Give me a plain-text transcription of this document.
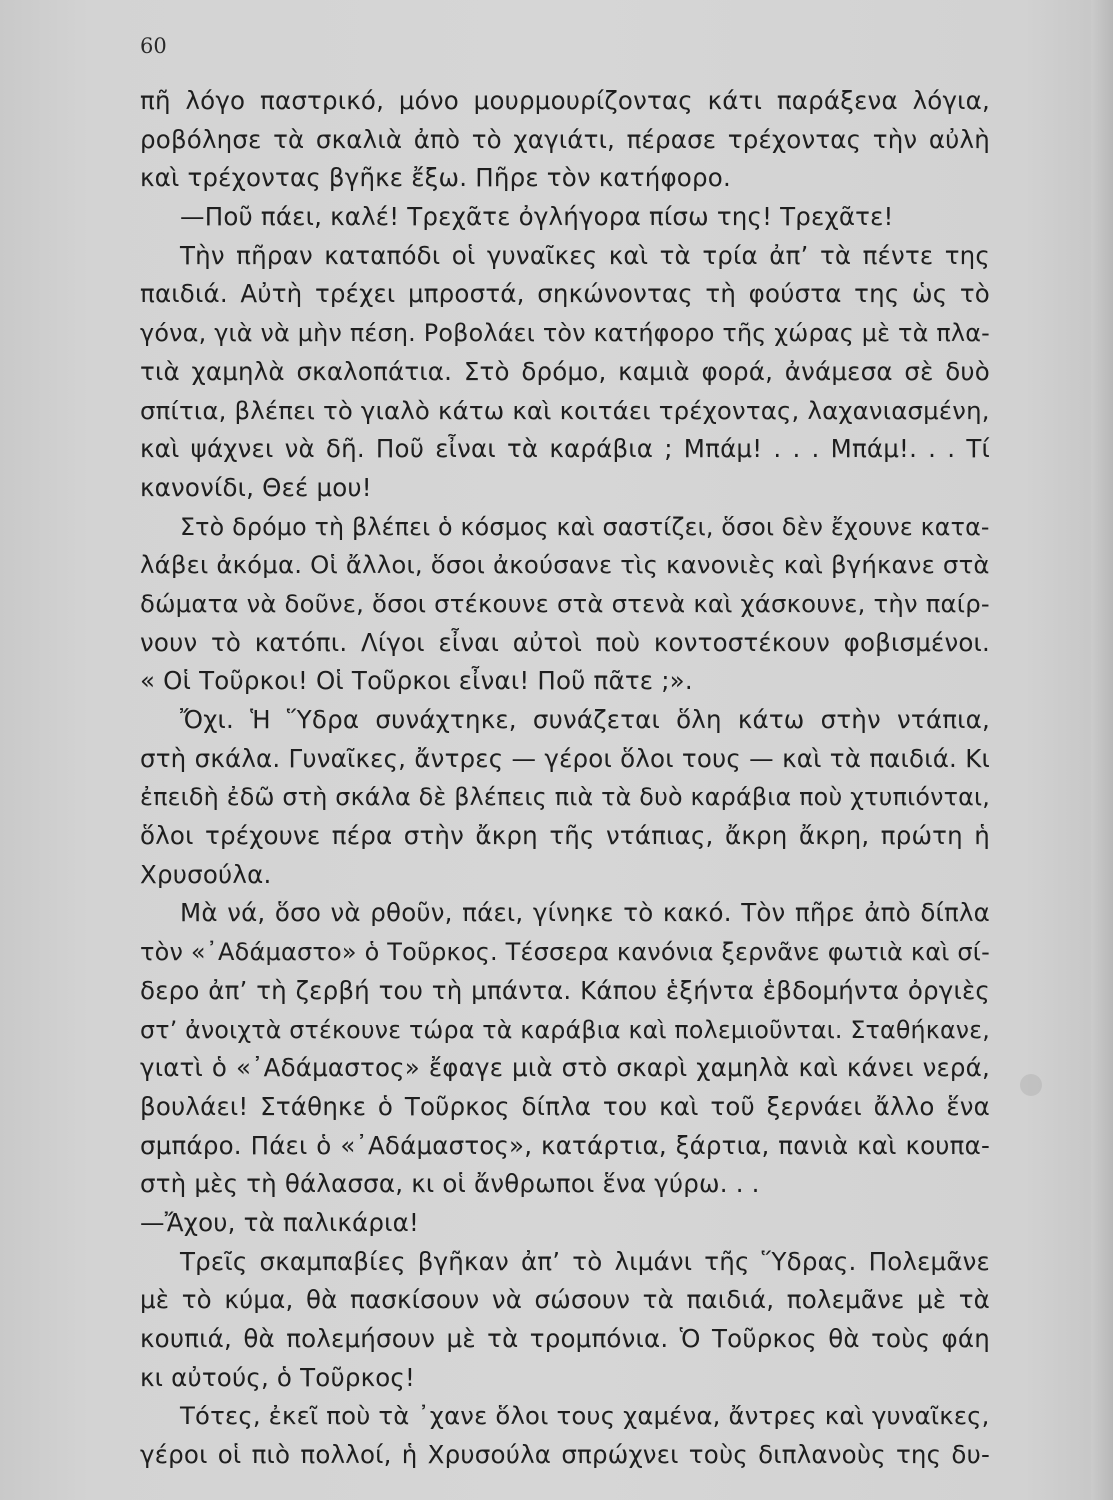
60
πῆ λόγο παστρικό, μόνο μουρμουρίζοντας κάτι παράξενα λόγια,
ροβόλησε τὰ σκαλιὰ ἀπὸ τὸ χαγιάτι, πέρασε τρέχοντας τὴν αὐλὴ
καὶ τρέχοντας βγῆκε ἔξω. Πῆρε τὸν κατήφορο.
—Ποῦ πάει, καλέ! Τρεχᾶτε ὀγλήγορα πίσω της! Τρεχᾶτε!
Τὴν πῆραν καταπόδι οἱ γυναῖκες καὶ τὰ τρία ἀπ’ τὰ πέντε της
παιδιά. Αὐτὴ τρέχει μπροστά, σηκώνοντας τὴ φούστα της ὡς τὸ
γόνα, γιὰ νὰ μὴν πέση. Ροβολάει τὸν κατήφορο τῆς χώρας μὲ τὰ πλα-
τιὰ χαμηλὰ σκαλοπάτια. Στὸ δρόμο, καμιὰ φορά, ἀνάμεσα σὲ δυὸ
σπίτια, βλέπει τὸ γιαλὸ κάτω καὶ κοιτάει τρέχοντας, λαχανιασμένη,
καὶ ψάχνει νὰ δῆ. Ποῦ εἶναι τὰ καράβια ; Μπάμ! . . . Μπάμ!. . . Τί
κανονίδι, Θεέ μου!
Στὸ δρόμο τὴ βλέπει ὁ κόσμος καὶ σαστίζει, ὅσοι δὲν ἔχουνε κατα-
λάβει ἀκόμα. Οἱ ἄλλοι, ὅσοι ἀκούσανε τὶς κανονιὲς καὶ βγήκανε στὰ
δώματα νὰ δοῦνε, ὅσοι στέκουνε στὰ στενὰ καὶ χάσκουνε, τὴν παίρ-
νουν τὸ κατόπι. Λίγοι εἶναι αὐτοὶ ποὺ κοντοστέκουν φοβισμένοι.
« Οἱ Τοῦρκοι! Οἱ Τοῦρκοι εἶναι! Ποῦ πᾶτε ;».
Ὄχι. Ἡ Ὕδρα συνάχτηκε, συνάζεται ὅλη κάτω στὴν ντάπια,
στὴ σκάλα. Γυναῖκες, ἄντρες — γέροι ὅλοι τους — καὶ τὰ παιδιά. Κι
ἐπειδὴ ἐδῶ στὴ σκάλα δὲ βλέπεις πιὰ τὰ δυὸ καράβια ποὺ χτυπιόνται,
ὅλοι τρέχουνε πέρα στὴν ἄκρη τῆς ντάπιας, ἄκρη ἄκρη, πρώτη ἡ
Χρυσούλα.
Μὰ νά, ὅσο νὰ ρθοῦν, πάει, γίνηκε τὸ κακό. Τὸν πῆρε ἀπὸ δίπλα
τὸν «᾿Αδάμαστο» ὁ Τοῦρκος. Τέσσερα κανόνια ξερνᾶνε φωτιὰ καὶ σί-
δερο ἀπ’ τὴ ζερβή του τὴ μπάντα. Κάπου ἑξήντα ἑβδομήντα ὀργιὲς
στ’ ἀνοιχτὰ στέκουνε τώρα τὰ καράβια καὶ πολεμιοῦνται. Σταθήκανε,
γιατὶ ὁ «᾿Αδάμαστος» ἔφαγε μιὰ στὸ σκαρὶ χαμηλὰ καὶ κάνει νερά,
βουλάει! Στάθηκε ὁ Τοῦρκος δίπλα του καὶ τοῦ ξερνάει ἄλλο ἕνα
σμπάρο. Πάει ὁ «᾿Αδάμαστος», κατάρτια, ξάρτια, πανιὰ καὶ κουπα-
στὴ μὲς τὴ θάλασσα, κι οἱ ἄνθρωποι ἕνα γύρω. . .
—Ἄχου, τὰ παλικάρια!
Τρεῖς σκαμπαβίες βγῆκαν ἀπ’ τὸ λιμάνι τῆς Ὕδρας. Πολεμᾶνε
μὲ τὸ κύμα, θὰ πασκίσουν νὰ σώσουν τὰ παιδιά, πολεμᾶνε μὲ τὰ
κουπιά, θὰ πολεμήσουν μὲ τὰ τρομπόνια. Ὁ Τοῦρκος θὰ τοὺς φάη
κι αὐτούς, ὁ Τοῦρκος!
Τότες, ἐκεῖ ποὺ τὰ ᾿χανε ὅλοι τους χαμένα, ἄντρες καὶ γυναῖκες,
γέροι οἱ πιὸ πολλοί, ἡ Χρυσούλα σπρώχνει τοὺς διπλανοὺς της δυ-
